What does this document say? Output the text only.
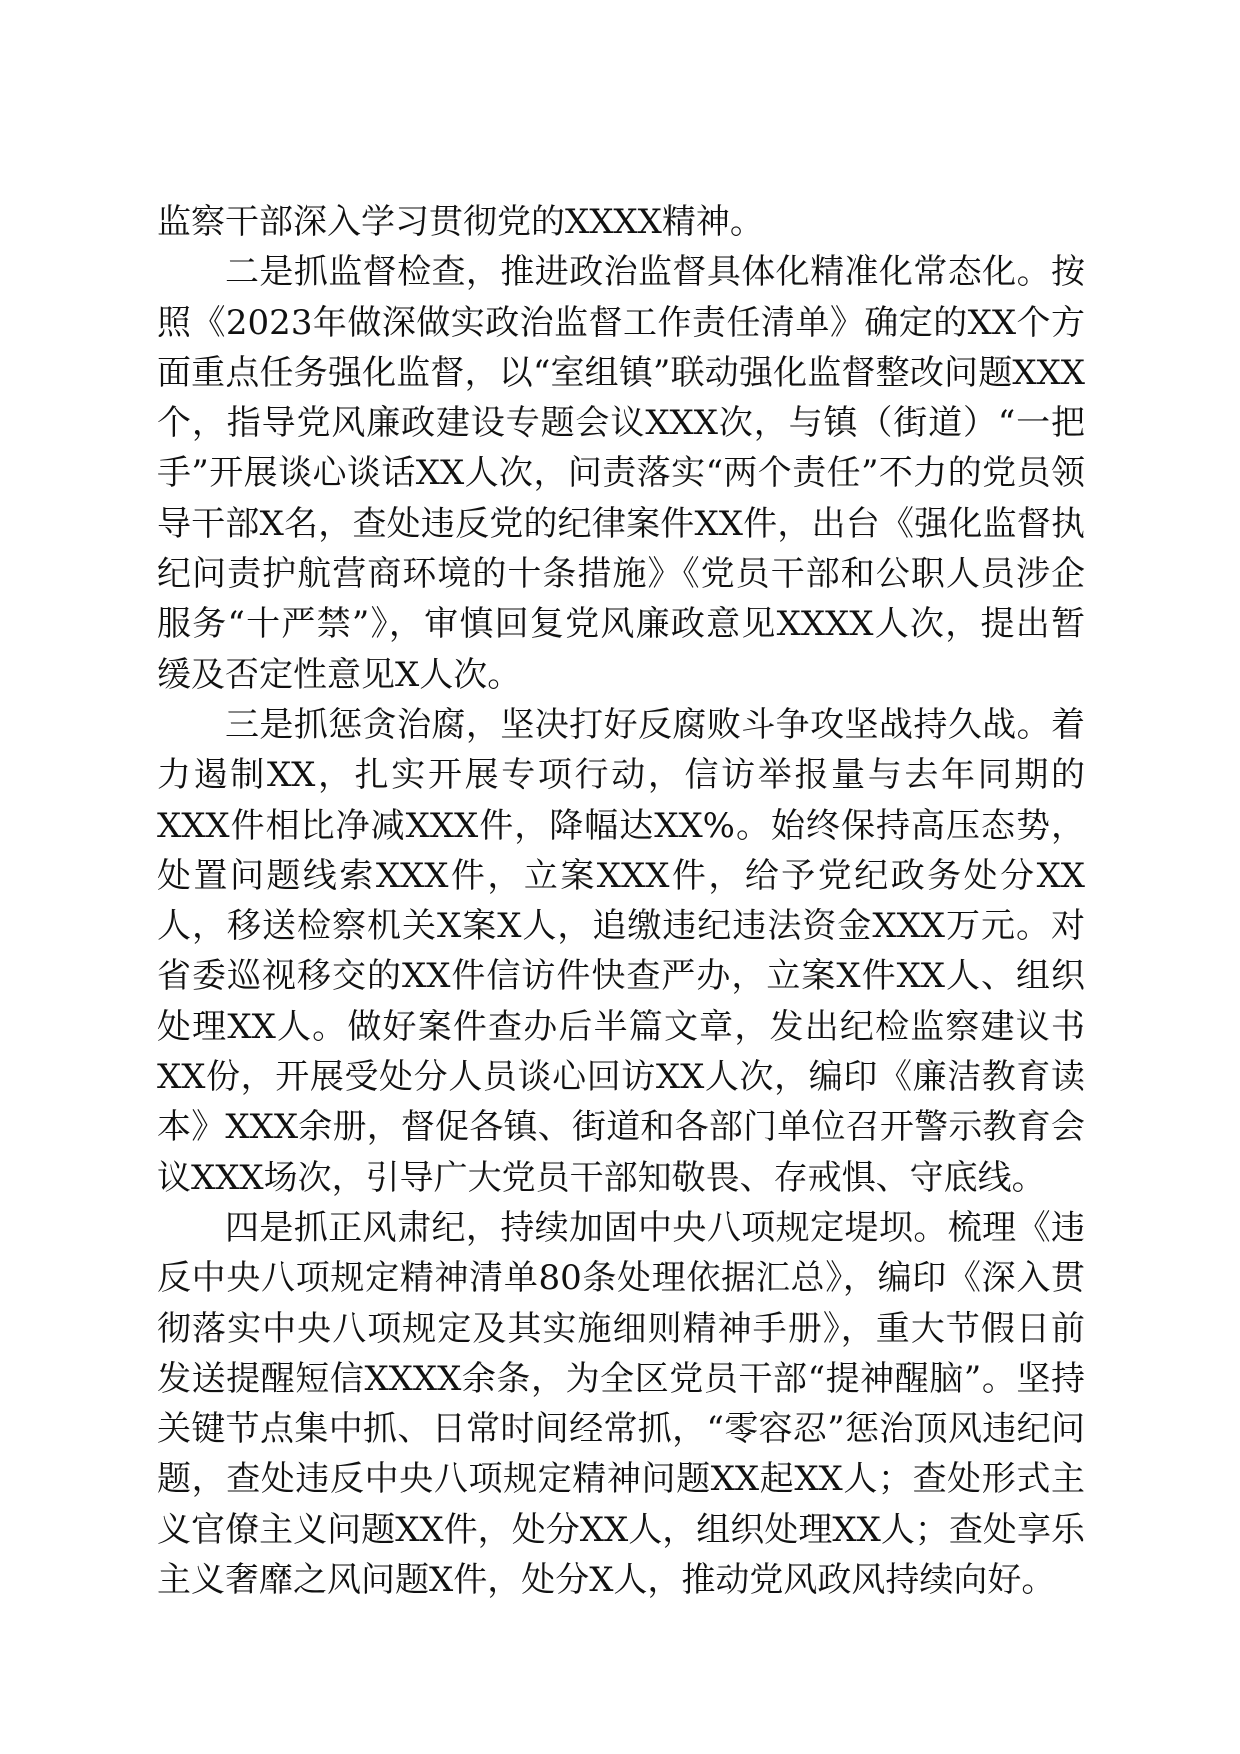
监察干部深入学习贯彻党的XXXX精神。

二是抓监督检查，推进政治监督具体化精准化常态化。按照《2023年做深做实政治监督工作责任清单》确定的XX个方面重点任务强化监督，以“室组镇”联动强化监督整改问题XXX个，指导党风廉政建设专题会议XXX次，与镇（街道）“一把手”开展谈心谈话XX人次，问责落实“两个责任”不力的党员领导干部X名，查处违反党的纪律案件XX件，出台《强化监督执纪问责护航营商环境的十条措施》《党员干部和公职人员涉企服务“十严禁”》，审慎回复党风廉政意见XXXX人次，提出暂缓及否定性意见X人次。

三是抓惩贪治腐，坚决打好反腐败斗争攻坚战持久战。着力遏制XX，扎实开展专项行动，信访举报量与去年同期的XXX件相比净减XXX件，降幅达XX%。始终保持高压态势，处置问题线索XXX件，立案XXX件，给予党纪政务处分XX人，移送检察机关X案X人，追缴违纪违法资金XXX万元。对省委巡视移交的XX件信访件快查严办，立案X件XX人、组织处理XX人。做好案件查办后半篇文章，发出纪检监察建议书XX份，开展受处分人员谈心回访XX人次，编印《廉洁教育读本》XXX余册，督促各镇、街道和各部门单位召开警示教育会议XXX场次，引导广大党员干部知敬畏、存戒惧、守底线。

四是抓正风肃纪，持续加固中央八项规定堤坝。梳理《违反中央八项规定精神清单80条处理依据汇总》，编印《深入贯彻落实中央八项规定及其实施细则精神手册》，重大节假日前发送提醒短信XXXX余条，为全区党员干部“提神醒脑”。坚持关键节点集中抓、日常时间经常抓，“零容忍”惩治顶风违纪问题，查处违反中央八项规定精神问题XX起XX人；查处形式主义官僚主义问题XX件，处分XX人，组织处理XX人；查处享乐主义奢靡之风问题X件，处分X人，推动党风政风持续向好。
